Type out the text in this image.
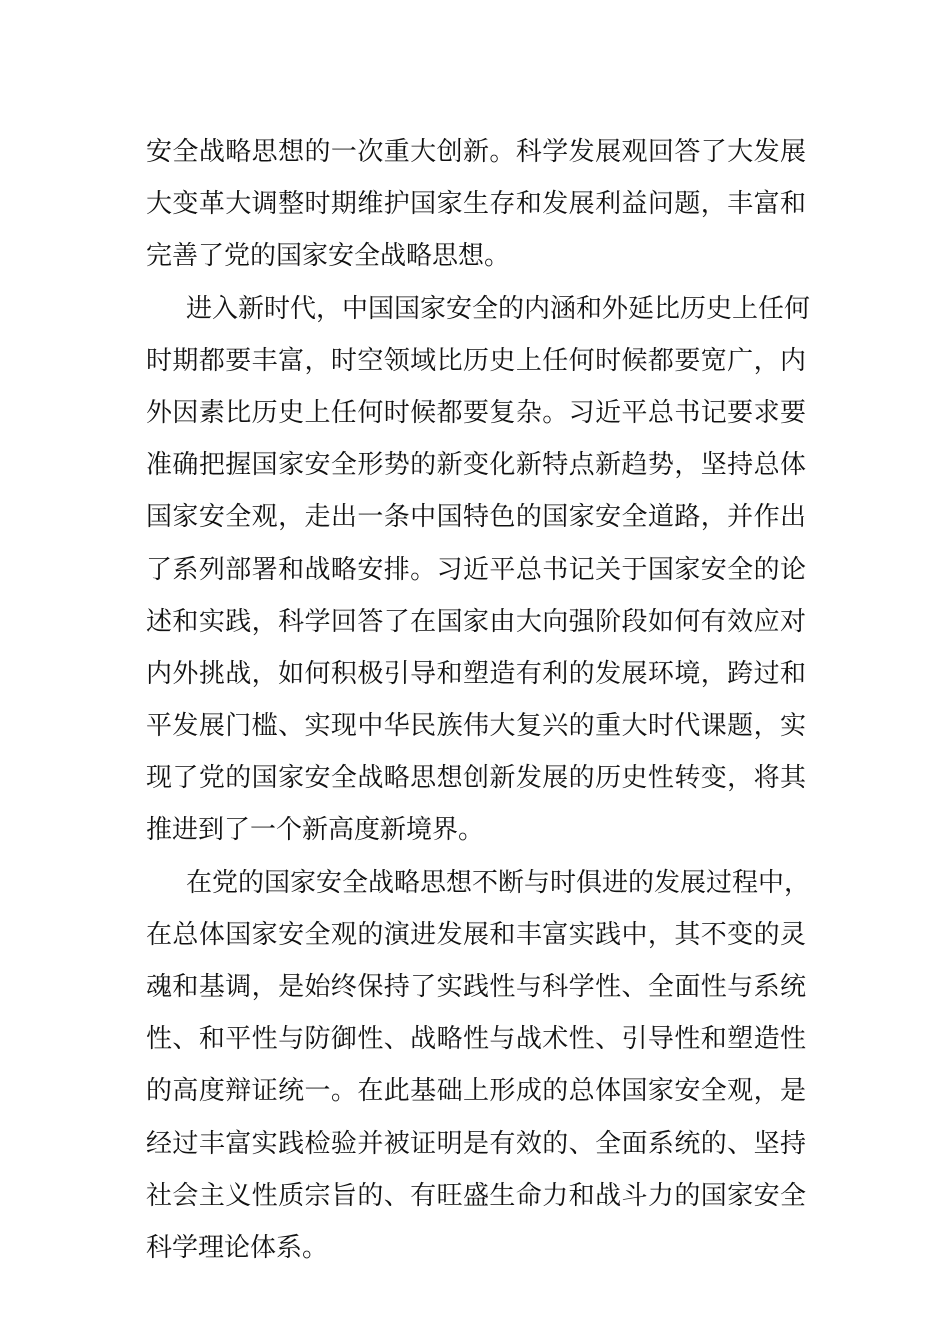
安全战略思想的一次重大创新。科学发展观回答了大发展
大变革大调整时期维护国家生存和发展利益问题，丰富和
完善了党的国家安全战略思想。
进入新时代，中国国家安全的内涵和外延比历史上任何
时期都要丰富，时空领域比历史上任何时候都要宽广，内
外因素比历史上任何时候都要复杂。习近平总书记要求要
准确把握国家安全形势的新变化新特点新趋势，坚持总体
国家安全观，走出一条中国特色的国家安全道路，并作出
了系列部署和战略安排。习近平总书记关于国家安全的论
述和实践，科学回答了在国家由大向强阶段如何有效应对
内外挑战，如何积极引导和塑造有利的发展环境，跨过和
平发展门槛、实现中华民族伟大复兴的重大时代课题，实
现了党的国家安全战略思想创新发展的历史性转变，将其
推进到了一个新高度新境界。
在党的国家安全战略思想不断与时俱进的发展过程中，
在总体国家安全观的演进发展和丰富实践中，其不变的灵
魂和基调，是始终保持了实践性与科学性、全面性与系统
性、和平性与防御性、战略性与战术性、引导性和塑造性
的高度辩证统一。在此基础上形成的总体国家安全观，是
经过丰富实践检验并被证明是有效的、全面系统的、坚持
社会主义性质宗旨的、有旺盛生命力和战斗力的国家安全
科学理论体系。
